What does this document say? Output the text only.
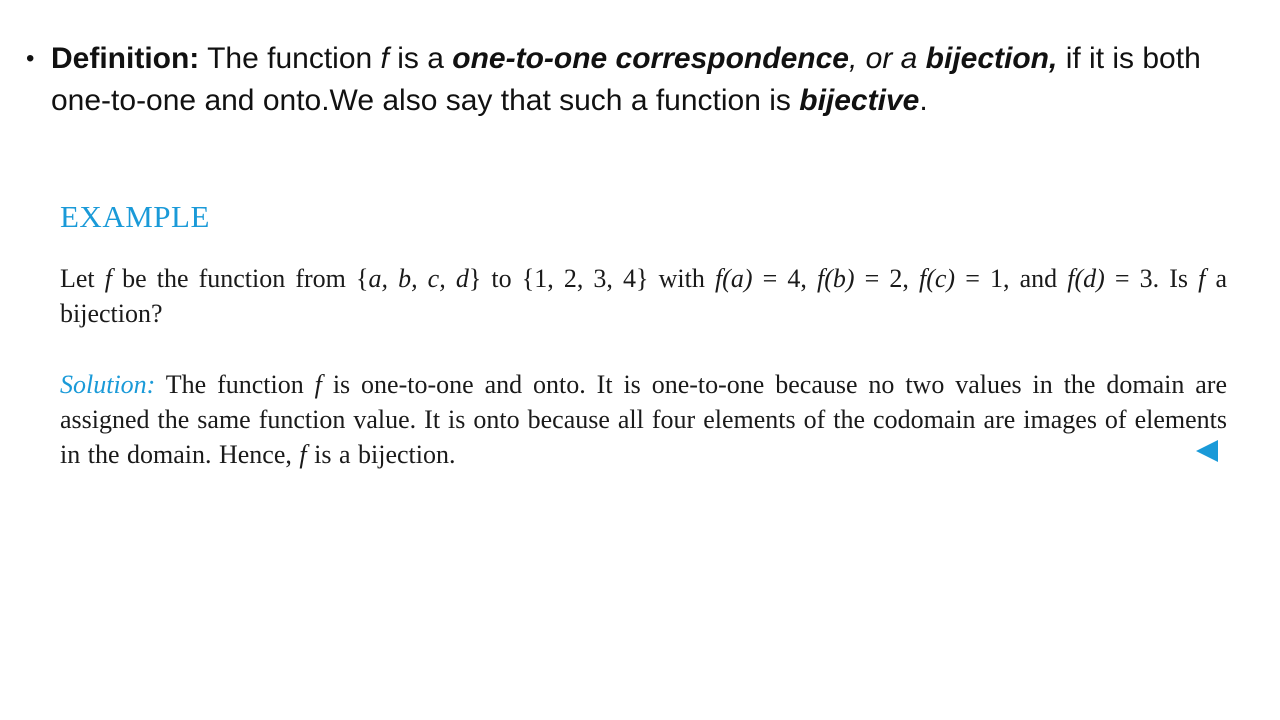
• Definition: The function f is a one-to-one correspondence, or a bijection, if it is both one-to-one and onto.We also say that such a function is bijective.
EXAMPLE

Let f be the function from {a, b, c, d} to {1, 2, 3, 4} with f(a) = 4, f(b) = 2, f(c) = 1, and f(d) = 3. Is f a bijection?

Solution: The function f is one-to-one and onto. It is one-to-one because no two values in the domain are assigned the same function value. It is onto because all four elements of the codomain are images of elements in the domain. Hence, f is a bijection.
